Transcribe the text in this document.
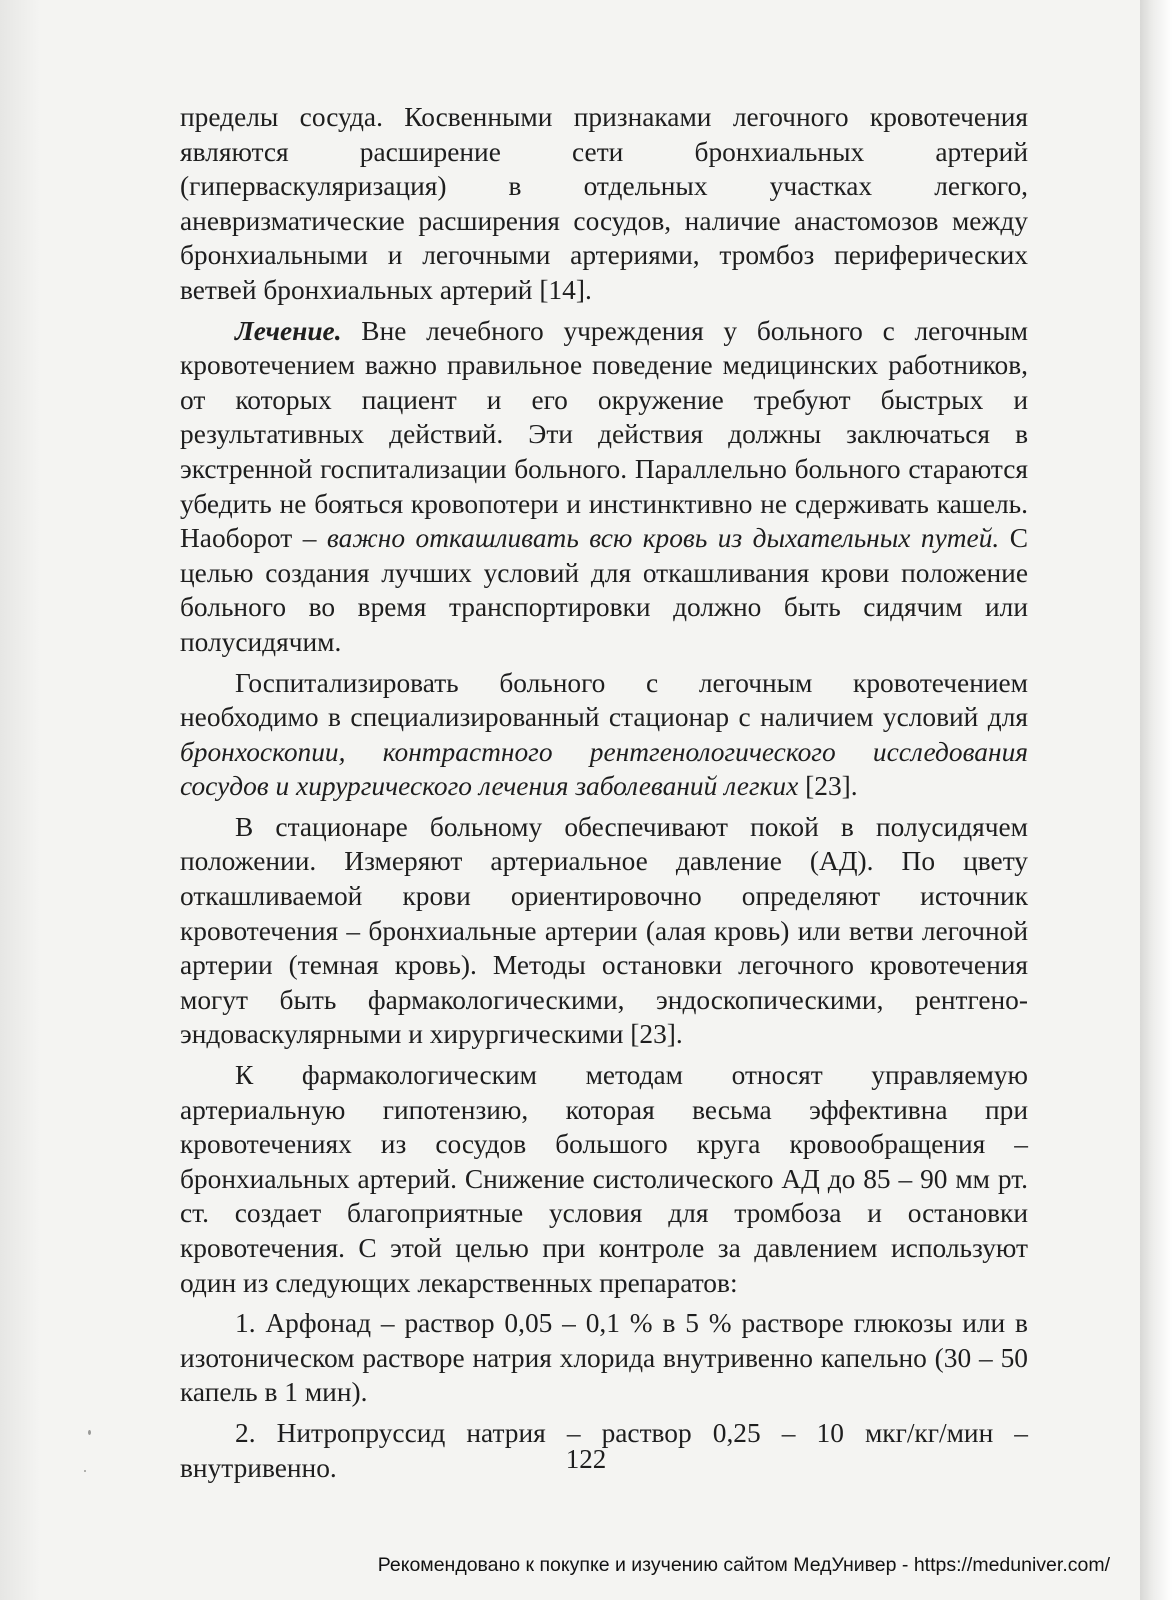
пределы сосуда. Косвенными признаками легочного кровотечения являются расширение сети бронхиальных артерий (гиперваскуляризация) в отдельных участках легкого, аневризматические расширения сосудов, наличие анастомозов между бронхиальными и легочными артериями, тромбоз периферических ветвей бронхиальных артерий [14].

Лечение. Вне лечебного учреждения у больного с легочным кровотечением важно правильное поведение медицинских работников, от которых пациент и его окружение требуют быстрых и результативных действий. Эти действия должны заключаться в экстренной госпитализации больного. Параллельно больного стараются убедить не бояться кровопотери и инстинктивно не сдерживать кашель. Наоборот – важно откашливать всю кровь из дыхательных путей. С целью создания лучших условий для откашливания крови положение больного во время транспортировки должно быть сидячим или полусидячим.

Госпитализировать больного с легочным кровотечением необходимо в специализированный стационар с наличием условий для бронхоскопии, контрастного рентгенологического исследования сосудов и хирургического лечения заболеваний легких [23].

В стационаре больному обеспечивают покой в полусидячем положении. Измеряют артериальное давление (АД). По цвету откашливаемой крови ориентировочно определяют источник кровотечения – бронхиальные артерии (алая кровь) или ветви легочной артерии (темная кровь). Методы остановки легочного кровотечения могут быть фармакологическими, эндоскопическими, рентгено-эндоваскулярными и хирургическими [23].

К фармакологическим методам относят управляемую артериальную гипотензию, которая весьма эффективна при кровотечениях из сосудов большого круга кровообращения – бронхиальных артерий. Снижение систолического АД до 85 – 90 мм рт. ст. создает благоприятные условия для тромбоза и остановки кровотечения. С этой целью при контроле за давлением используют один из следующих лекарственных препаратов:

1. Арфонад – раствор 0,05 – 0,1 % в 5 % растворе глюкозы или в изотоническом растворе натрия хлорида внутривенно капельно (30 – 50 капель в 1 мин).

2. Нитропруссид натрия – раствор 0,25 – 10 мкг/кг/мин – внутривенно.	122
Рекомендовано к покупке и изучению сайтом МедУнивер - https://meduniver.com/
